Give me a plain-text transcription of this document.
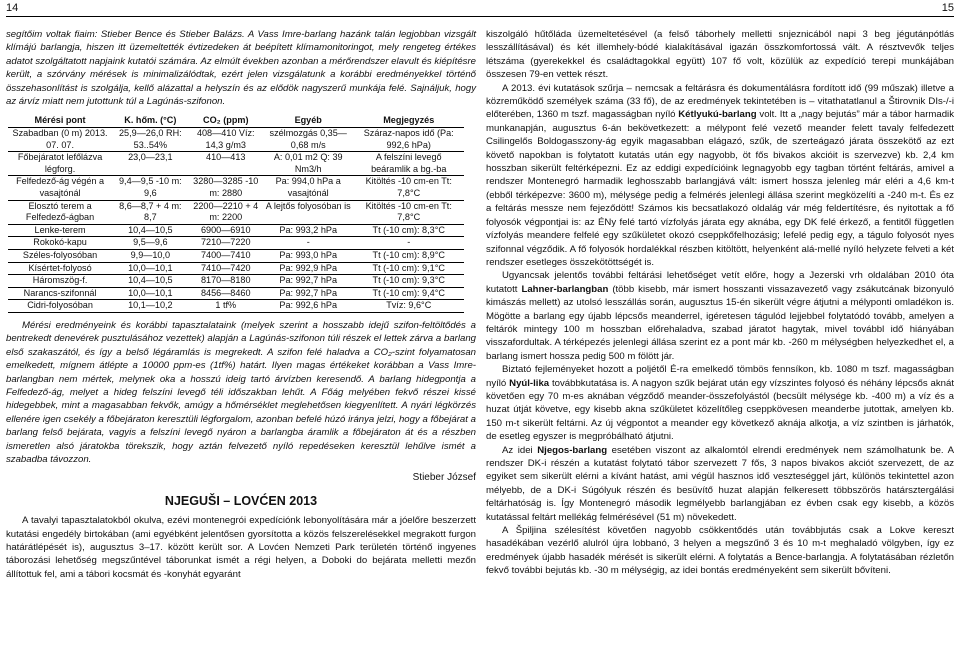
14	15

segítőim voltak fiaim: Stieber Bence és Stieber Balázs. A Vass Imre-barlang hazánk talán legjobban vizsgált klímájú barlangja, hiszen itt üzemeltették évtizedeken át beépített klímamonitoringot, mely rengeteg értékes adatot szolgáltatott napjaink kutatói számára. Az elmúlt években azonban a mérőrendszer elavult és kiépítésre került, a szórvány mérések is minimalizálódtak, ezért jelen vizsgálatunk a korábbi eredményekkel történő összehasonlítást is szolgálja, kellő alázattal a helyszín és az elődök nagyszerű munkája felé. Sajnáljuk, hogy az árvíz miatt nem jutottunk túl a Lagúnás-szifonon.

Mérési pont	K. hőm. (°C)	CO₂ (ppm)	Egyéb	Megjegyzés
Szabadban (0 m) 2013. 07. 07.	25,9—26,0 RH: 53..54%	408—410 Víz: 14,3 g/m3	szélmozgás 0,35—0,68 m/s	Száraz-napos idő (Pa: 992,6 hPa)
Főbejáratot lefőlázva légforg.	23,0—23,1	410—413	A: 0,01 m2 Q: 39 Nm3/h	A felszíni levegő beáramlik a bg.-ba
Felfedező-ág végén a vasajtónál	9,4—9,5 -10 m: 9,6	3280—3285 -10 m: 2880	Pa: 994,0 hPa a vasajtónál	Kitöltés -10 cm-en Tt: 7,8°C
Elosztó terem a Felfedező-ágban	8,6—8,7 + 4 m: 8,7	2200—2210 + 4 m: 2200	A lejtős folyosóban is	Kitöltés -10 cm-en Tt: 7,8°C
Lenke-terem	10,4—10,5	6900—6910	Pa: 993,2 hPa	Tt (-10 cm): 8,3°C
Rokokó-kapu	9,5—9,6	7210—7220	-	-
Széles-folyosóban	9,9—10,0	7400—7410	Pa: 993,0 hPa	Tt (-10 cm): 8,9°C
Kísértet-folyosó	10,0—10,1	7410—7420	Pa: 992,9 hPa	Tt (-10 cm): 9,1°C
Háromszög-f.	10,4—10,5	8170—8180	Pa: 992,7 hPa	Tt (-10 cm): 9,3°C
Narancs-szifonnál	10,0—10,1	8456—8460	Pa: 992,7 hPa	Tt (-10 cm): 9,4°C
Cidri-folyosóban	10,1—10,2	1 tf%	Pa: 992,6 hPa	Tvíz: 9,6°C

Mérési eredményeink és korábbi tapasztalataink (melyek szerint a hosszabb idejű szifon-feltöltődés a bentrekedt denevérek pusztulásához vezettek) alapján a Lagúnás-szifonon túli részek el lettek zárva a barlang első szakaszától, és így a belső légáramlás is megrekedt. A szifon felé haladva a CO₂-szint folyamatosan emelkedett, mígnem átlépte a 10000 ppm-es (1tf%) határt. Ilyen magas értékeket korábban a Vass Imre-barlangban nem mértek, melynek oka a hosszú ideig tartó árvízben keresendő. A barlang hidegpontja a Felfedező-ág, melyet a hideg felszíni levegő téli időszakban lehűt. A Főág melyében fekvő részei kissé hidegebbek, mint a magasabban fekvők, amúgy a hőmérséklet meglehetősen kiegyenlített. A nyári légkörzés ellenére igen csekély a főbejáraton keresztüli légforgalom, azonban befelé húzó iránya jelzi, hogy a főbejárat a barlang felső bejárata, vagyis a felszíni levegő nyáron a barlangba áramlik a főbejáraton át és a részben ismeretlen alsó járatokba törekszik, hogy aztán felvezető nyíló repedéseken keresztül lehűlve ismét a szabadba távozzon.

Stieber József
NJEGUŠI – LOVĆEN 2013

A tavalyi tapasztalatokból okulva, ezévi montenegrói expedíciónk lebonyolítására már a jóelőre beszerzett kutatási engedély birtokában (ami egyébként jelentősen gyorsította a közös felszerelésekkel megrakott furgon határátlépését is), augusztus 3–17. között került sor. A Lovćen Nemzeti Park területén történő ingyenes táborozási lehetőség megszűntével táborunkat ismét a régi helyen, a Doboki do bejárata melletti mezőn állítottuk fel, ami a tábori kocsmát és -konyhát egyaránt

kiszolgáló hűtőláda üzemeltetésével (a felső táborhely melletti snjeznicából napi 3 beg jégutánpótlás lesszállításával) és két illemhely-bódé kialakításával igazán összkomfortossá vált. A résztvevők teljes létszáma (gyerekekkel és családtagokkal együtt) 107 fő volt, közülük az expedíció terepi munkájában összesen 79-en vettek részt.

A 2013. évi kutatások szűrja – nemcsak a feltárásra és dokumentálásra fordított idő (99 műszak) illetve a közreműködő személyek száma (33 fő), de az eredmények tekintetében is – vitathatatlanul a Štirovnik DIs-/-i előterében, 1360 m tszf. magasságban nyíló Kétlyukú-barlang volt. Itt a „nagy bejutás” már a tábor harmadik munkanapján, augusztus 6-án bekövetkezett: a mélypont felé vezető meander felett tavaly felfedezett Csilingelős Boldogasszony-ág egyik magasabban elágazó, szűk, de szerteágazó járata összekötő az ezt követő napokban is folytatott kutatás után egy nagyobb, öt fős bivakos akcióit is szervezve) kb. 2,4 km hosszban sikerült feltérképezni. Ez az eddigi expedícióink legnagyobb egy tagban történt feltárás, amivel a rendszer Montenegró harmadik leghosszabb barlangjává vált: ismert hossza jelenleg már eléri a 4,6 km-t (ebből térképezve: 3600 m), mélysége pedig a felmérés jelenlegi állása szerint megközelíti a -240 m-t. És ez a feltárás messze nem fejeződött! Számos kis becsatlakozó oldalág vár még feldertítésre, és nyitottak a fő folyosók végpontjai is: az ÉNy felé tartó vízfolyás járata egy aknába, egy DK felé érkező, a fentitől független vízfolyás meandere felfelé egy szűkületet okozó cseppkőfelhozásig; lefelé pedig egy, a tágulo folyosót nyes szifonnal végződik. A fő folyosók hordalékkal részben kitöltött, helyenként alá-mellé nyíló helyzete felveti a két rendszer esetleges összekötöttségét is.

Ugyancsak jelentős további feltárási lehetőséget vetít előre, hogy a Jezerski vrh oldalában 2010 óta kutatott Lahner-barlangban (több kisebb, már ismert hosszanti vissazavezető vagy zsákutcának bizonyuló kimászás mellett) az utolsó lesszállás során, augusztus 15-én sikerült végre átjutni a mélyponti omladékon is. Mögötte a barlang egy újabb lépcsős meanderrel, igéretesen tágulód lejjebbel folytatódó tovább, amelyen a feltárók mintegy 100 m hosszban előrehaladva, szabad járatot hagytak, mivel továbbl idő hiányában visszafordultak. A térképezés jelenlegi állása szerint ez a pont már kb. -260 m mélységben helyezkedhet el, a barlang ismert hossza pedig 500 m fölött jár.

Biztató fejleményeket hozott a poljétől É-ra emelkedő tömbös fennsíkon, kb. 1080 m tszf. magasságban nyíló Nyúl-lika továbbkutatása is. A nagyon szűk bejárat után egy vízszintes folyosó és néhány lépcsős aknát követően egy 70 m-es aknában végződő meander-összefolyástól (becsült mélysége kb. -400 m) a víz és a huzat útját követve, egy kisebb akna szűkületet közelítőleg cseppkövesen meanderbe jutottak, amelyen kb. 150 m-t sikerült feltárni. Az új végpontot a meander egy következő aknája alkotja, a víz szintben is járhatók, de esetleg egyszer is megpróbálható átjutni.

Az idei Njegos-barlang esetében viszont az alkalomtól elrendi eredmények nem számolhatunk be. A rendszer DK-i részén a kutatást folytató tábor szervezett 7 fős, 3 napos bivakos akciót szervezett, de az egyiket sem sikerült elérni a kívánt hatást, ami végül hasznos idő veszteséggel járt, különös tekintettel azon mélyebb, de a DK-i Súgólyuk részén és besüvítő huzat alapján felkeresett többszörös határsztergálási feltárhatóság is. Így Montenegró második legmélyebb barlangjában ez évben csak egy kisebb, a közös kutatással feltárt mellékág felmérésével (51 m) növekedett.

A Špiljina szélesítést követően nagyobb csökkentődés után továbbjutás csak a Lokve kereszt hasadékában vezérlő alulról újra lobbanó, 3 helyen a megszűnő 3 és 10 m-t meghaladó völgyben, így ez eredmények újabb hasadék mérését is sikerült elérni. A folytatás a Bence-barlangja. A folytatásában rézletőn fekvő további bejutás kb. -30 m mélységig, az idei bontás eredményeként sem sikerült bővíteni.
